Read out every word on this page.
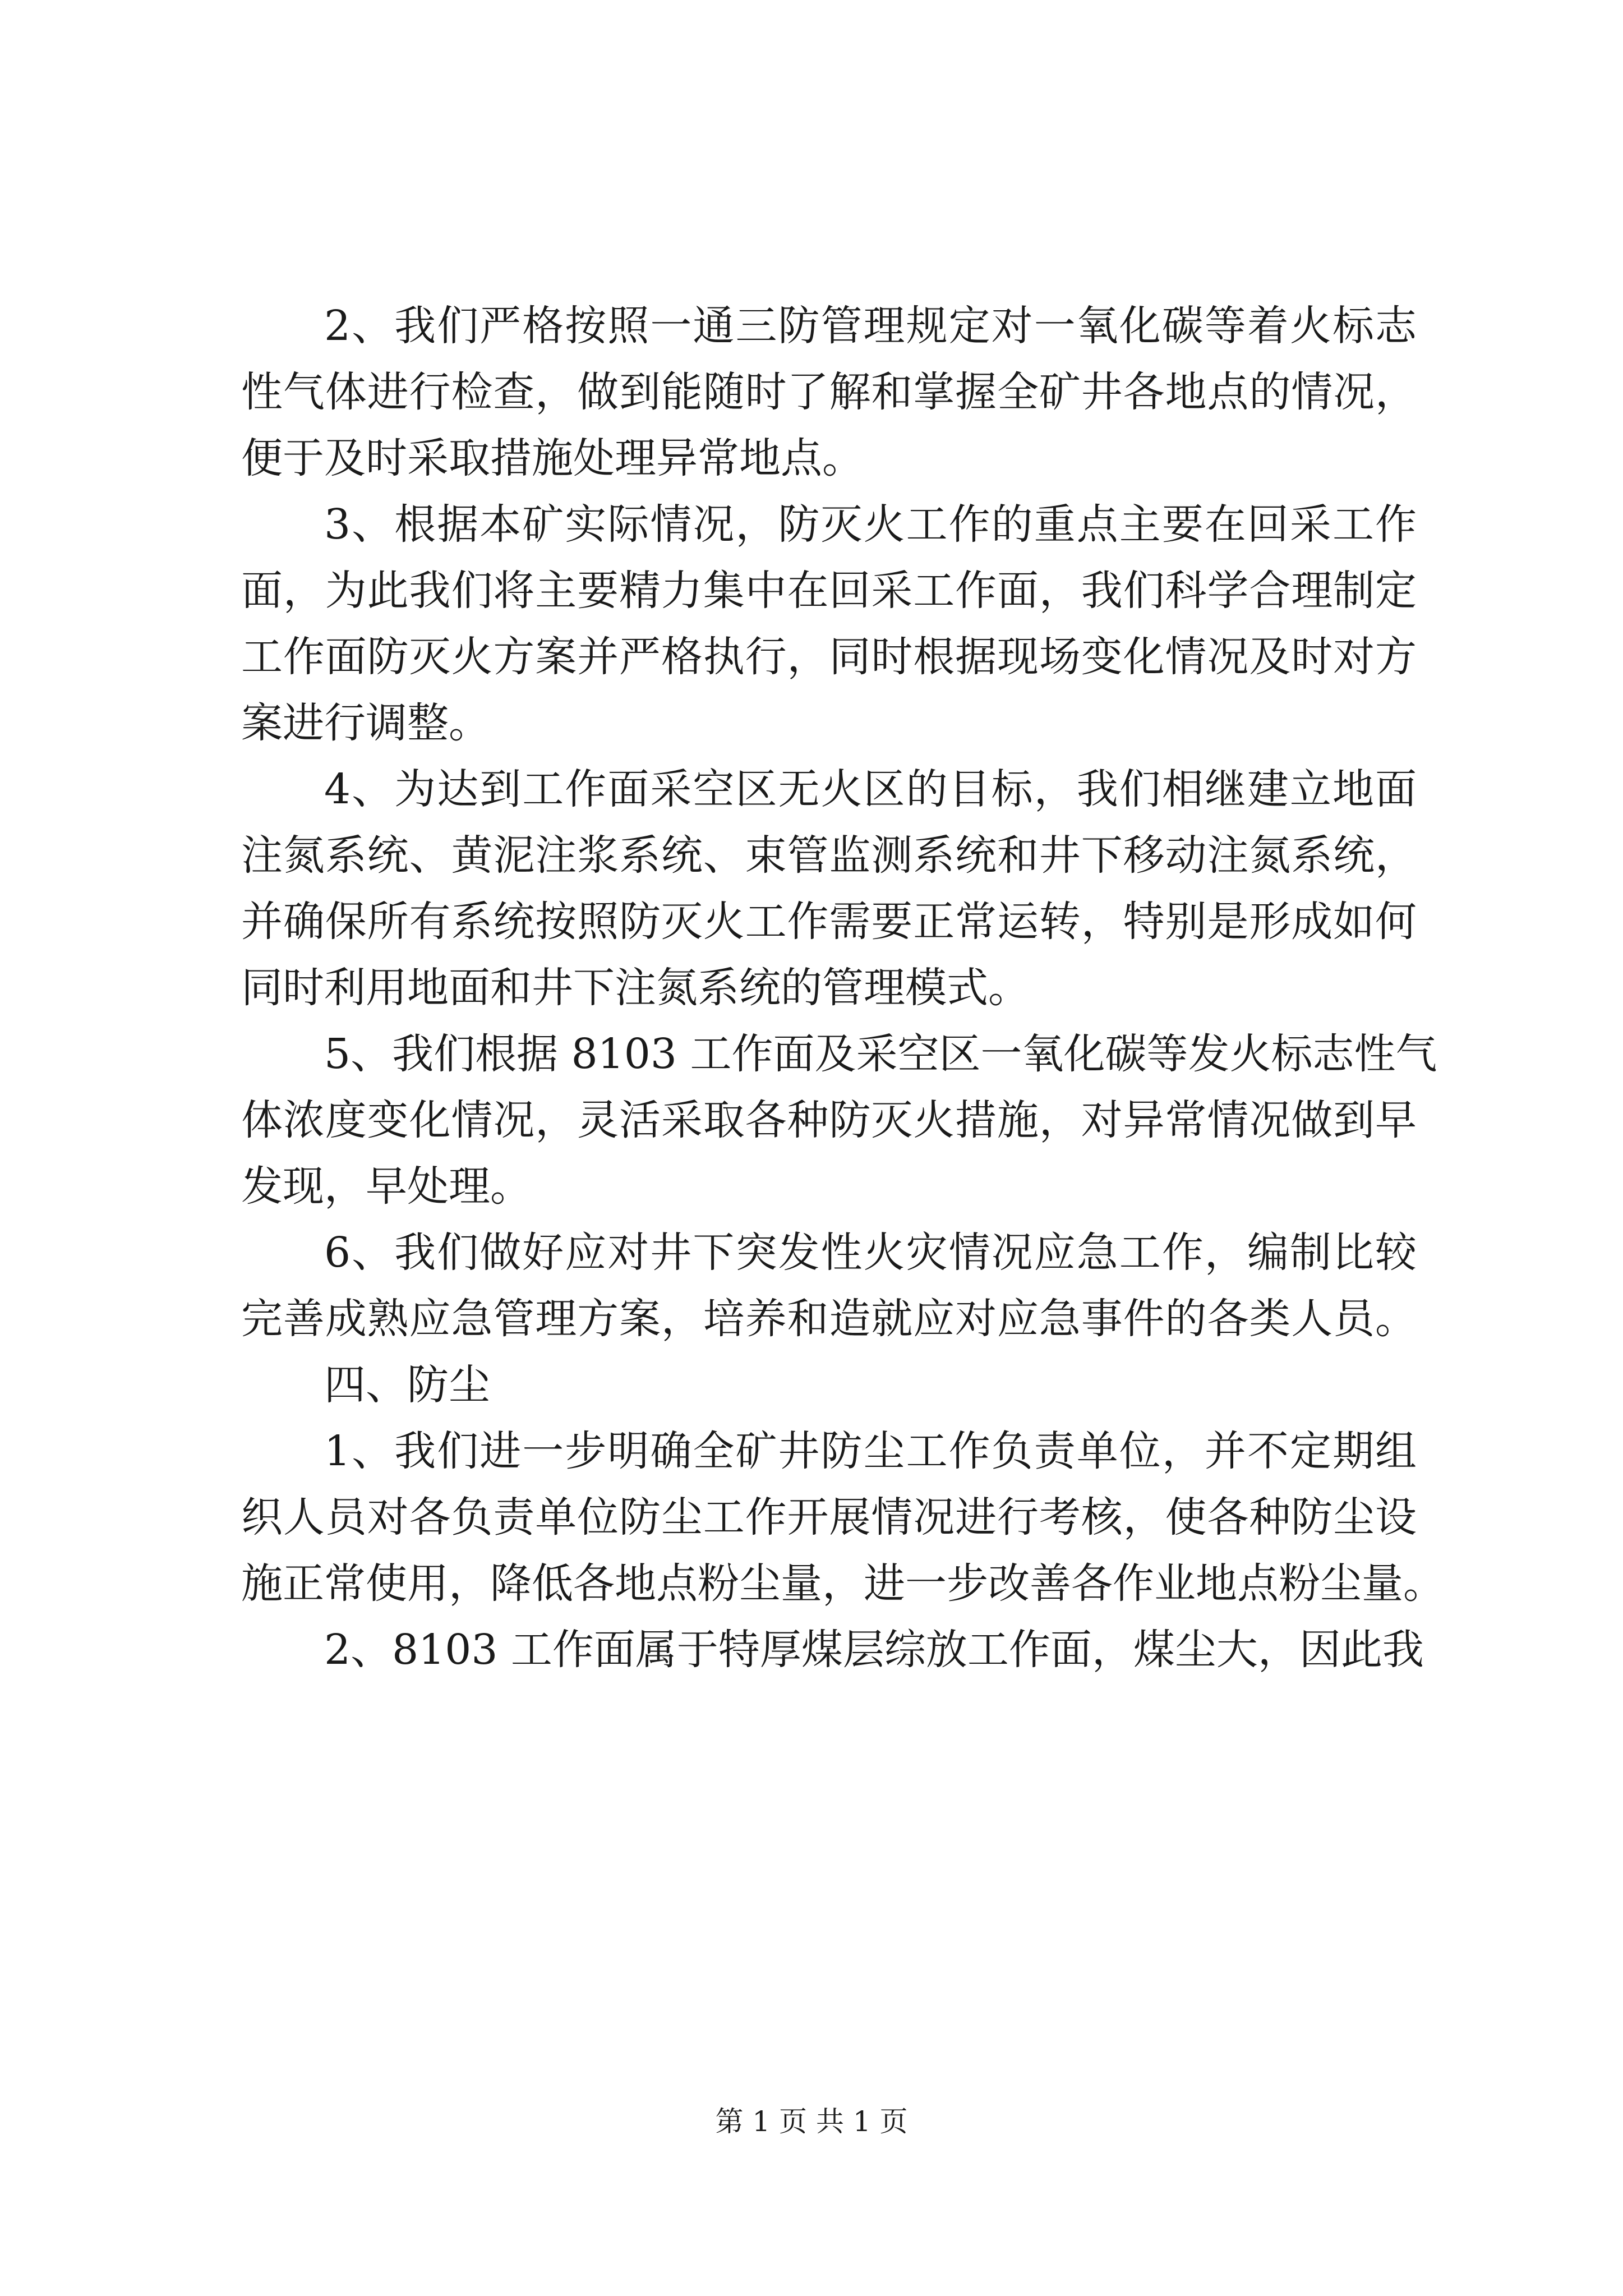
2、我们严格按照一通三防管理规定对一氧化碳等着火标志
性气体进行检查，做到能随时了解和掌握全矿井各地点的情况，
便于及时采取措施处理异常地点。
3、根据本矿实际情况，防灭火工作的重点主要在回采工作
面，为此我们将主要精力集中在回采工作面，我们科学合理制定
工作面防灭火方案并严格执行，同时根据现场变化情况及时对方
案进行调整。
4、为达到工作面采空区无火区的目标，我们相继建立地面
注氮系统、黄泥注浆系统、束管监测系统和井下移动注氮系统，
并确保所有系统按照防灭火工作需要正常运转，特别是形成如何
同时利用地面和井下注氮系统的管理模式。
5、我们根据 8103 工作面及采空区一氧化碳等发火标志性气
体浓度变化情况，灵活采取各种防灭火措施，对异常情况做到早
发现，早处理。
6、我们做好应对井下突发性火灾情况应急工作，编制比较
完善成熟应急管理方案，培养和造就应对应急事件的各类人员。
四、防尘
1、我们进一步明确全矿井防尘工作负责单位，并不定期组
织人员对各负责单位防尘工作开展情况进行考核，使各种防尘设
施正常使用，降低各地点粉尘量，进一步改善各作业地点粉尘量。
2、8103 工作面属于特厚煤层综放工作面，煤尘大，因此我
第 1 页 共 1 页
